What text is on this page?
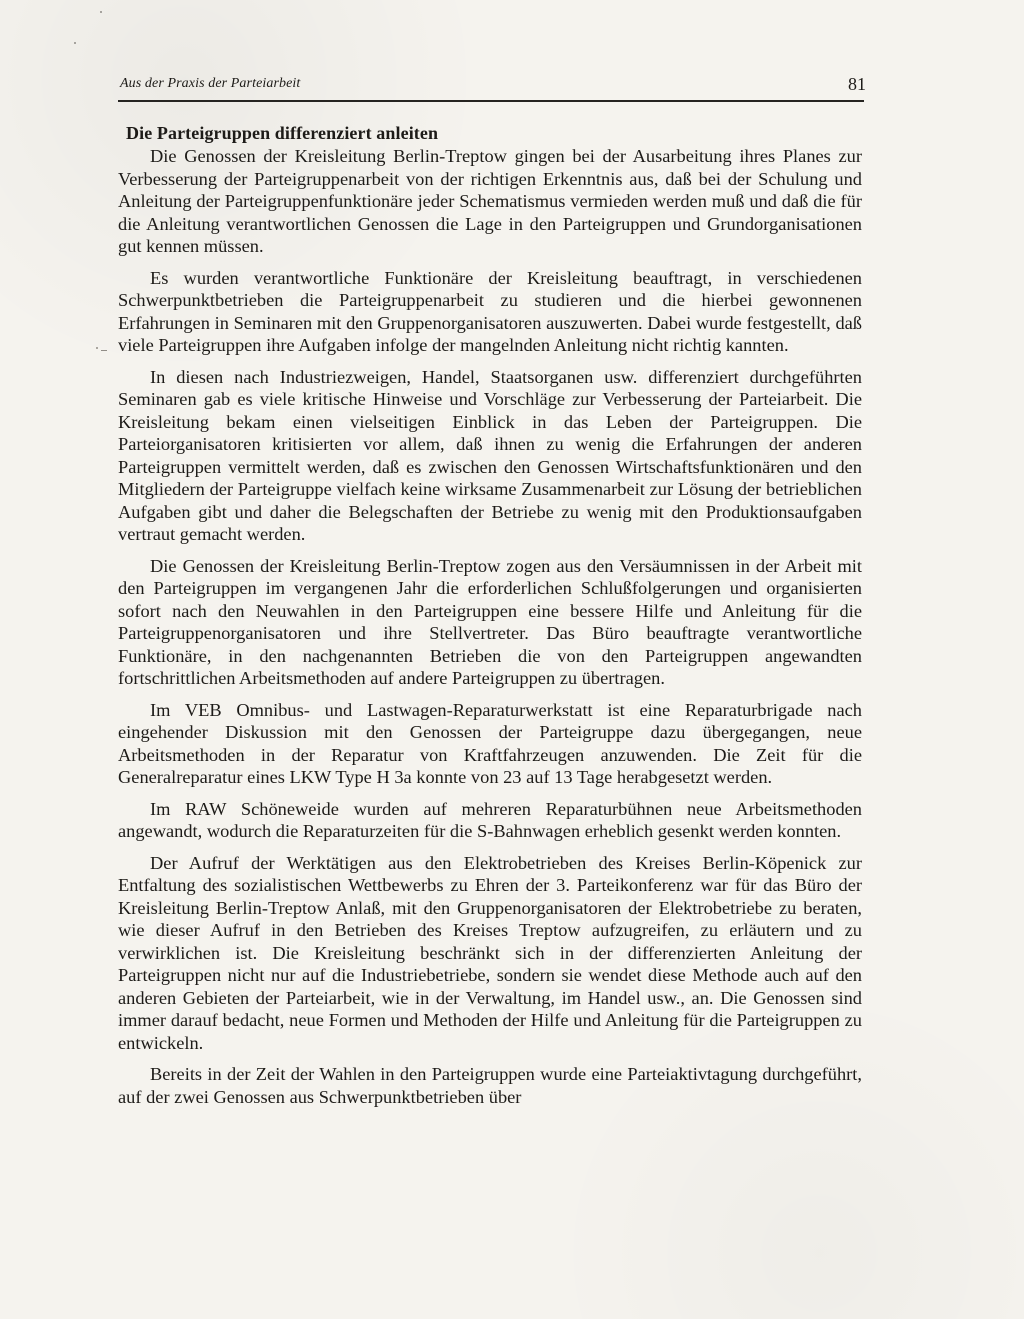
Aus der Praxis der Parteiarbeit	81
Die Parteigruppen differenziert anleiten

Die Genossen der Kreisleitung Berlin-Treptow gingen bei der Ausarbeitung ihres Planes zur Verbesserung der Parteigruppenarbeit von der richtigen Erkenntnis aus, daß bei der Schulung und Anleitung der Parteigruppenfunktionäre jeder Schematismus vermieden werden muß und daß die für die Anleitung verantwortlichen Genossen die Lage in den Parteigruppen und Grundorganisationen gut kennen müssen.

Es wurden verantwortliche Funktionäre der Kreisleitung beauftragt, in verschiedenen Schwerpunktbetrieben die Parteigruppenarbeit zu studieren und die hierbei gewonnenen Erfahrungen in Seminaren mit den Gruppenorganisatoren auszuwerten. Dabei wurde festgestellt, daß viele Parteigruppen ihre Aufgaben infolge der mangelnden Anleitung nicht richtig kannten.

In diesen nach Industriezweigen, Handel, Staatsorganen usw. differenziert durchgeführten Seminaren gab es viele kritische Hinweise und Vorschläge zur Verbesserung der Parteiarbeit. Die Kreisleitung bekam einen vielseitigen Einblick in das Leben der Parteigruppen. Die Parteiorganisatoren kritisierten vor allem, daß ihnen zu wenig die Erfahrungen der anderen Parteigruppen vermittelt werden, daß es zwischen den Genossen Wirtschaftsfunktionären und den Mitgliedern der Parteigruppe vielfach keine wirksame Zusammenarbeit zur Lösung der betrieblichen Aufgaben gibt und daher die Belegschaften der Betriebe zu wenig mit den Produktionsaufgaben vertraut gemacht werden.

Die Genossen der Kreisleitung Berlin-Treptow zogen aus den Versäumnissen in der Arbeit mit den Parteigruppen im vergangenen Jahr die erforderlichen Schlußfolgerungen und organisierten sofort nach den Neuwahlen in den Parteigruppen eine bessere Hilfe und Anleitung für die Parteigruppenorganisatoren und ihre Stellvertreter. Das Büro beauftragte verantwortliche Funktionäre, in den nachgenannten Betrieben die von den Parteigruppen angewandten fortschrittlichen Arbeitsmethoden auf andere Parteigruppen zu übertragen.

Im VEB Omnibus- und Lastwagen-Reparaturwerkstatt ist eine Reparaturbrigade nach eingehender Diskussion mit den Genossen der Parteigruppe dazu übergegangen, neue Arbeitsmethoden in der Reparatur von Kraftfahrzeugen anzuwenden. Die Zeit für die Generalreparatur eines LKW Type H 3a konnte von 23 auf 13 Tage herabgesetzt werden.

Im RAW Schöneweide wurden auf mehreren Reparaturbühnen neue Arbeitsmethoden angewandt, wodurch die Reparaturzeiten für die S-Bahnwagen erheblich gesenkt werden konnten.

Der Aufruf der Werktätigen aus den Elektrobetrieben des Kreises Berlin-Köpenick zur Entfaltung des sozialistischen Wettbewerbs zu Ehren der 3. Parteikonferenz war für das Büro der Kreisleitung Berlin-Treptow Anlaß, mit den Gruppenorganisatoren der Elektrobetriebe zu beraten, wie dieser Aufruf in den Betrieben des Kreises Treptow aufzugreifen, zu erläutern und zu verwirklichen ist. Die Kreisleitung beschränkt sich in der differenzierten Anleitung der Parteigruppen nicht nur auf die Industriebetriebe, sondern sie wendet diese Methode auch auf den anderen Gebieten der Parteiarbeit, wie in der Verwaltung, im Handel usw., an. Die Genossen sind immer darauf bedacht, neue Formen und Methoden der Hilfe und Anleitung für die Parteigruppen zu entwickeln.

Bereits in der Zeit der Wahlen in den Parteigruppen wurde eine Parteiaktivtagung durchgeführt, auf der zwei Genossen aus Schwerpunktbetrieben über
